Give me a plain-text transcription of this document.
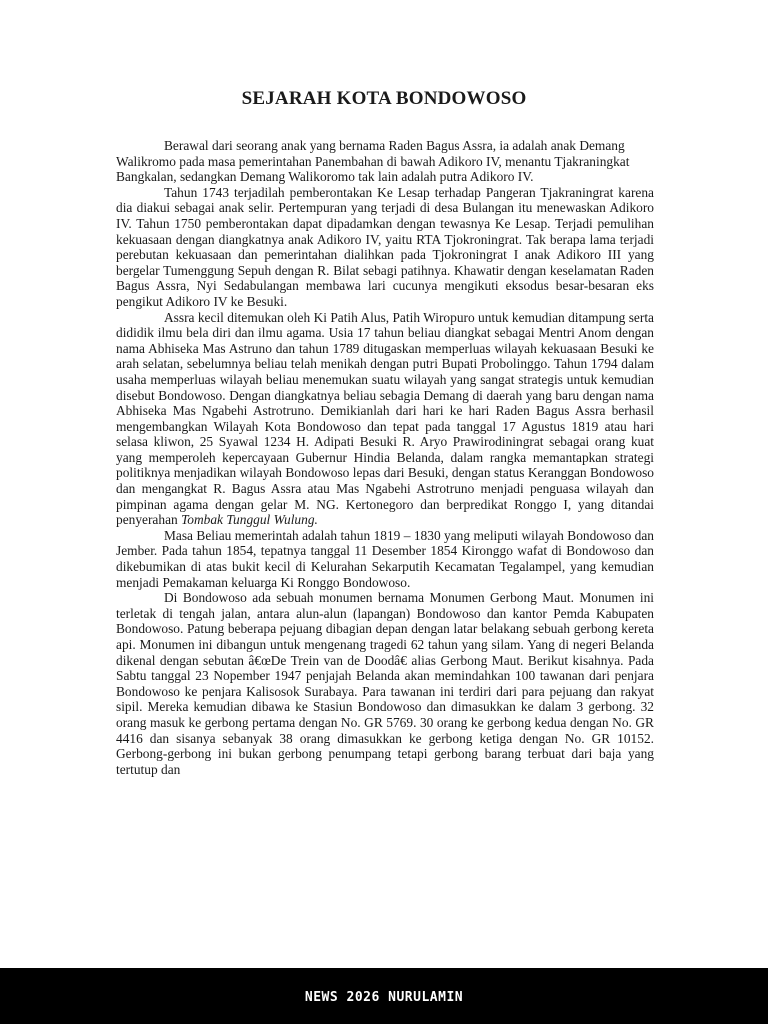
SEJARAH KOTA BONDOWOSO

Berawal dari seorang anak yang bernama Raden Bagus Assra, ia adalah anak Demang Walikromo pada masa pemerintahan Panembahan di bawah Adikoro IV, menantu Tjakraningkat Bangkalan, sedangkan Demang Walikoromo tak lain adalah putra Adikoro IV.

Tahun 1743 terjadilah pemberontakan Ke Lesap terhadap Pangeran Tjakraningrat karena dia diakui sebagai anak selir. Pertempuran yang terjadi di desa Bulangan itu menewaskan Adikoro IV. Tahun 1750 pemberontakan dapat dipadamkan dengan tewasnya Ke Lesap. Terjadi pemulihan kekuasaan dengan diangkatnya anak Adikoro IV, yaitu RTA Tjokroningrat. Tak berapa lama terjadi perebutan kekuasaan dan pemerintahan dialihkan pada Tjokroningrat I anak Adikoro III yang bergelar Tumenggung Sepuh dengan R. Bilat sebagi patihnya. Khawatir dengan keselamatan Raden Bagus Assra, Nyi Sedabulangan membawa lari cucunya mengikuti eksodus besar-besaran eks pengikut Adikoro IV ke Besuki.

Assra kecil ditemukan oleh Ki Patih Alus, Patih Wiropuro untuk kemudian ditampung serta dididik ilmu bela diri dan ilmu agama. Usia 17 tahun beliau diangkat sebagai Mentri Anom dengan nama Abhiseka Mas Astruno dan tahun 1789 ditugaskan memperluas wilayah kekuasaan Besuki ke arah selatan, sebelumnya beliau telah menikah dengan putri Bupati Probolinggo. Tahun 1794 dalam usaha memperluas wilayah beliau menemukan suatu wilayah yang sangat strategis untuk kemudian disebut Bondowoso. Dengan diangkatnya beliau sebagia Demang di daerah yang baru dengan nama Abhiseka Mas Ngabehi Astrotruno. Demikianlah dari hari ke hari Raden Bagus Assra berhasil mengembangkan Wilayah Kota Bondowoso dan tepat pada tanggal 17 Agustus 1819 atau hari selasa kliwon, 25 Syawal 1234 H. Adipati Besuki R. Aryo Prawirodiningrat sebagai orang kuat yang memperoleh kepercayaan Gubernur Hindia Belanda, dalam rangka memantapkan strategi politiknya menjadikan wilayah Bondowoso lepas dari Besuki, dengan status Keranggan Bondowoso dan mengangkat R. Bagus Assra atau Mas Ngabehi Astrotruno menjadi penguasa wilayah dan pimpinan agama dengan gelar M. NG. Kertonegoro dan berpredikat Ronggo I, yang ditandai penyerahan Tombak Tunggul Wulung.

Masa Beliau memerintah adalah tahun 1819 – 1830 yang meliputi wilayah Bondowoso dan Jember. Pada tahun 1854, tepatnya tanggal 11 Desember 1854 Kironggo wafat di Bondowoso dan dikebumikan di atas bukit kecil di Kelurahan Sekarputih Kecamatan Tegalampel, yang kemudian menjadi Pemakaman keluarga Ki Ronggo Bondowoso.

Di Bondowoso ada sebuah monumen bernama Monumen Gerbong Maut. Monumen ini terletak di tengah jalan, antara alun-alun (lapangan) Bondowoso dan kantor Pemda Kabupaten Bondowoso. Patung beberapa pejuang dibagian depan dengan latar belakang sebuah gerbong kereta api. Monumen ini dibangun untuk mengenang tragedi 62 tahun yang silam. Yang di negeri Belanda dikenal dengan sebutan â€œDe Trein van de Doodâ€ alias Gerbong Maut. Berikut kisahnya. Pada Sabtu tanggal 23 Nopember 1947 penjajah Belanda akan memindahkan 100 tawanan dari penjara Bondowoso ke penjara Kalisosok Surabaya. Para tawanan ini terdiri dari para pejuang dan rakyat sipil. Mereka kemudian dibawa ke Stasiun Bondowoso dan dimasukkan ke dalam 3 gerbong. 32 orang masuk ke gerbong pertama dengan No. GR 5769. 30 orang ke gerbong kedua dengan No. GR 4416 dan sisanya sebanyak 38 orang dimasukkan ke gerbong ketiga dengan No. GR 10152. Gerbong-gerbong ini bukan gerbong penumpang tetapi gerbong barang terbuat dari baja yang tertutup dan

NEWS 2026 NURULAMIN
